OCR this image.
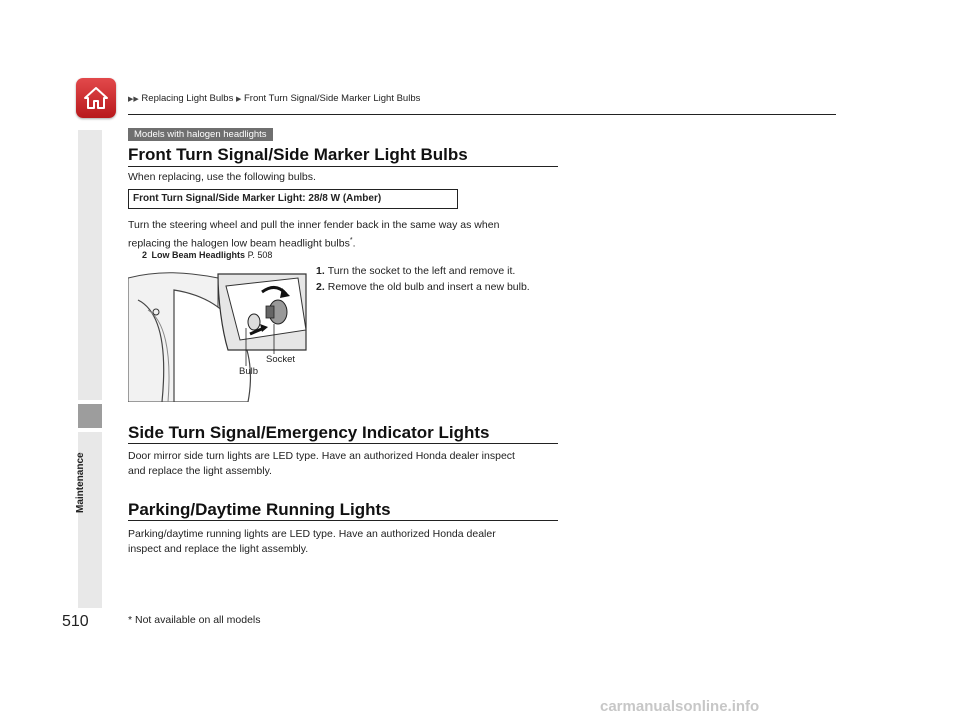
▶▶ Replacing Light Bulbs ▶ Front Turn Signal/Side Marker Light Bulbs
Maintenance
Models with halogen headlights
Front Turn Signal/Side Marker Light Bulbs
When replacing, use the following bulbs.
Front Turn Signal/Side Marker Light: 28/8 W (Amber)
Turn the steering wheel and pull the inner fender back in the same way as when
replacing the halogen low beam headlight bulbs*.
2 Low Beam Headlights P. 508
1. Turn the socket to the left and remove it.
2. Remove the old bulb and insert a new bulb.
Bulb
Socket
Side Turn Signal/Emergency Indicator Lights
Door mirror side turn lights are LED type. Have an authorized Honda dealer inspect
and replace the light assembly.
Parking/Daytime Running Lights
Parking/daytime running lights are LED type. Have an authorized Honda dealer
inspect and replace the light assembly.
510	* Not available on all models
carmanualsonline.info
